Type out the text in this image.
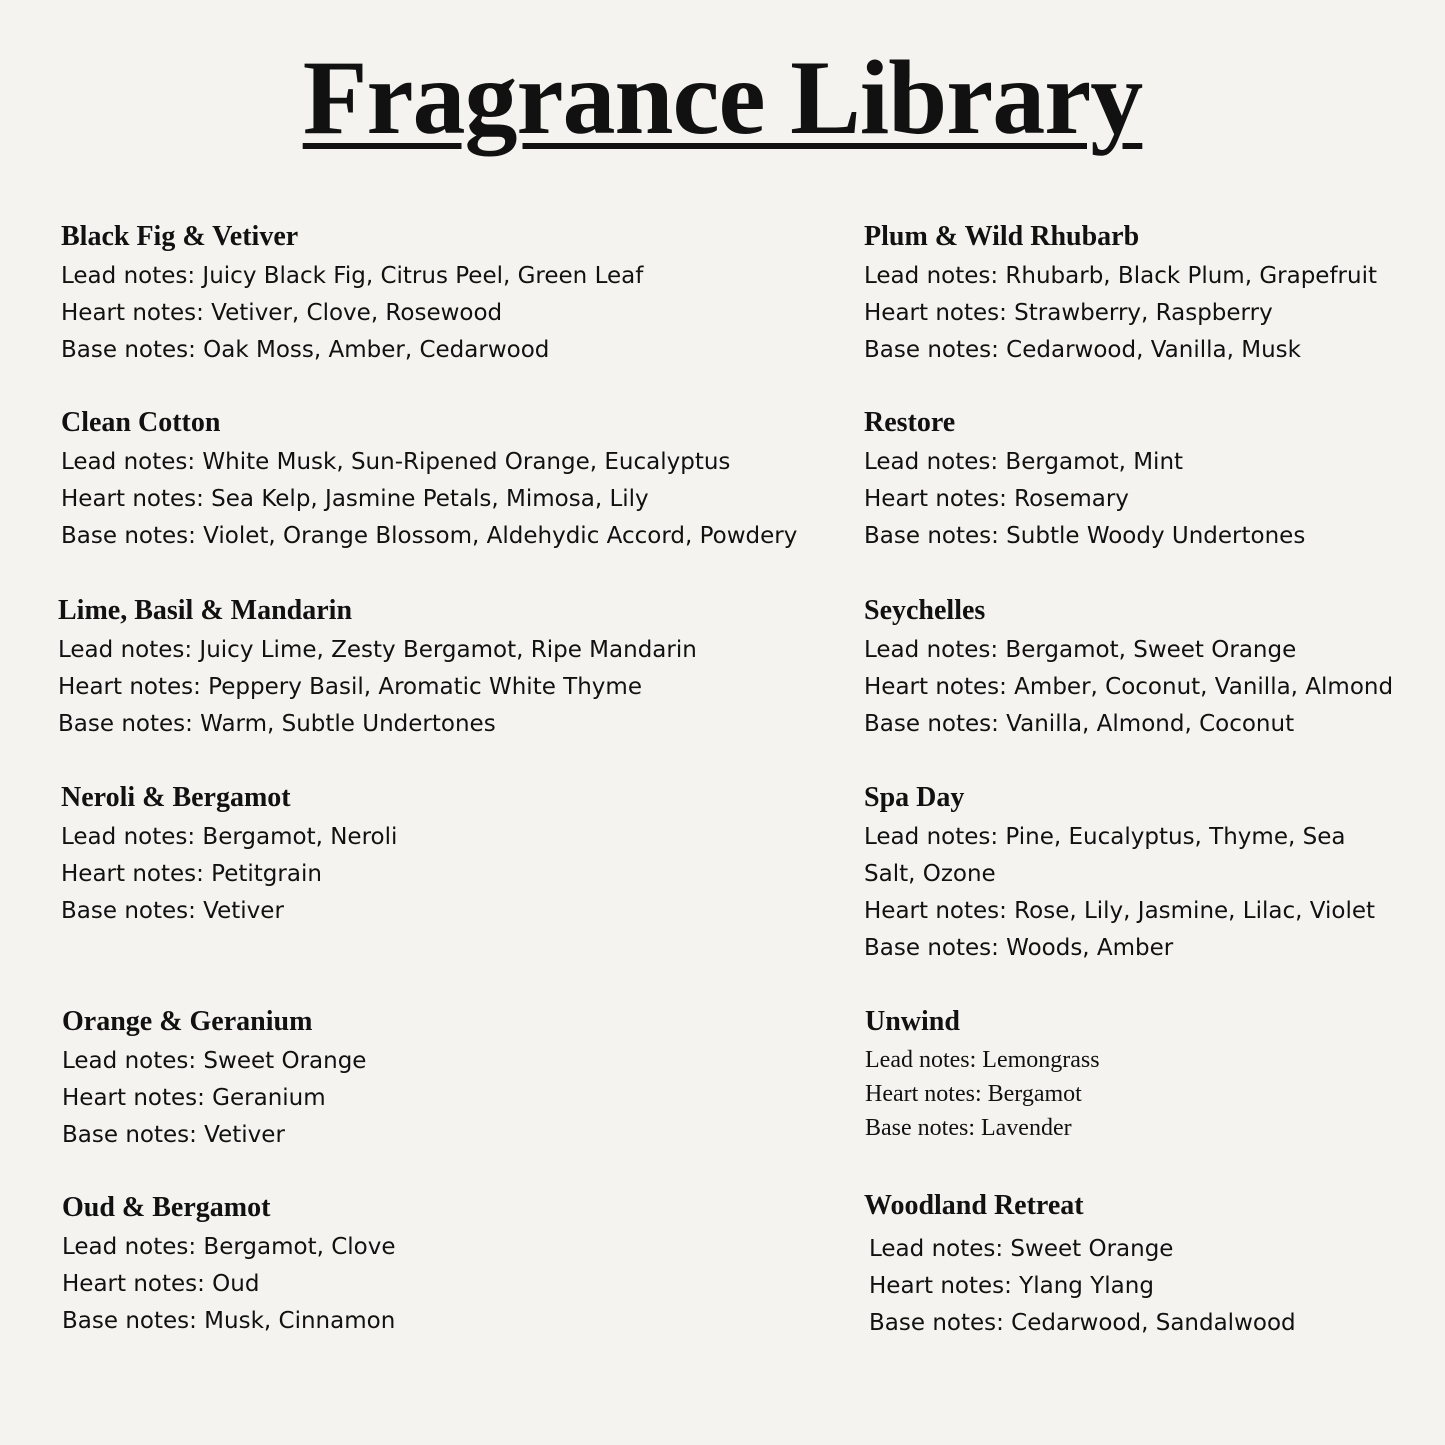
Fragrance Library
Black Fig & Vetiver

Lead notes: Juicy Black Fig, Citrus Peel, Green Leaf

Heart notes: Vetiver, Clove, Rosewood

Base notes: Oak Moss, Amber, Cedarwood

Clean Cotton

Lead notes: White Musk, Sun-Ripened Orange, Eucalyptus

Heart notes: Sea Kelp, Jasmine Petals, Mimosa, Lily

Base notes: Violet, Orange Blossom, Aldehydic Accord, Powdery

Lime, Basil & Mandarin

Lead notes: Juicy Lime, Zesty Bergamot, Ripe Mandarin

Heart notes: Peppery Basil, Aromatic White Thyme

Base notes: Warm, Subtle Undertones

Neroli & Bergamot

Lead notes: Bergamot, Neroli

Heart notes: Petitgrain

Base notes: Vetiver

Orange & Geranium

Lead notes: Sweet Orange

Heart notes: Geranium

Base notes: Vetiver

Oud & Bergamot

Lead notes: Bergamot, Clove

Heart notes: Oud

Base notes: Musk, Cinnamon

Plum & Wild Rhubarb

Lead notes: Rhubarb, Black Plum, Grapefruit

Heart notes: Strawberry, Raspberry

Base notes: Cedarwood, Vanilla, Musk

Restore

Lead notes: Bergamot, Mint

Heart notes: Rosemary

Base notes: Subtle Woody Undertones

Seychelles

Lead notes: Bergamot, Sweet Orange

Heart notes: Amber, Coconut, Vanilla, Almond

Base notes: Vanilla, Almond, Coconut

Spa Day

Lead notes: Pine, Eucalyptus, Thyme, Sea Salt, Ozone

Heart notes: Rose, Lily, Jasmine, Lilac, Violet

Base notes: Woods, Amber

Unwind

Lead notes: Lemongrass

Heart notes: Bergamot

Base notes: Lavender

Woodland Retreat

Lead notes: Sweet Orange

Heart notes: Ylang Ylang

Base notes: Cedarwood, Sandalwood
